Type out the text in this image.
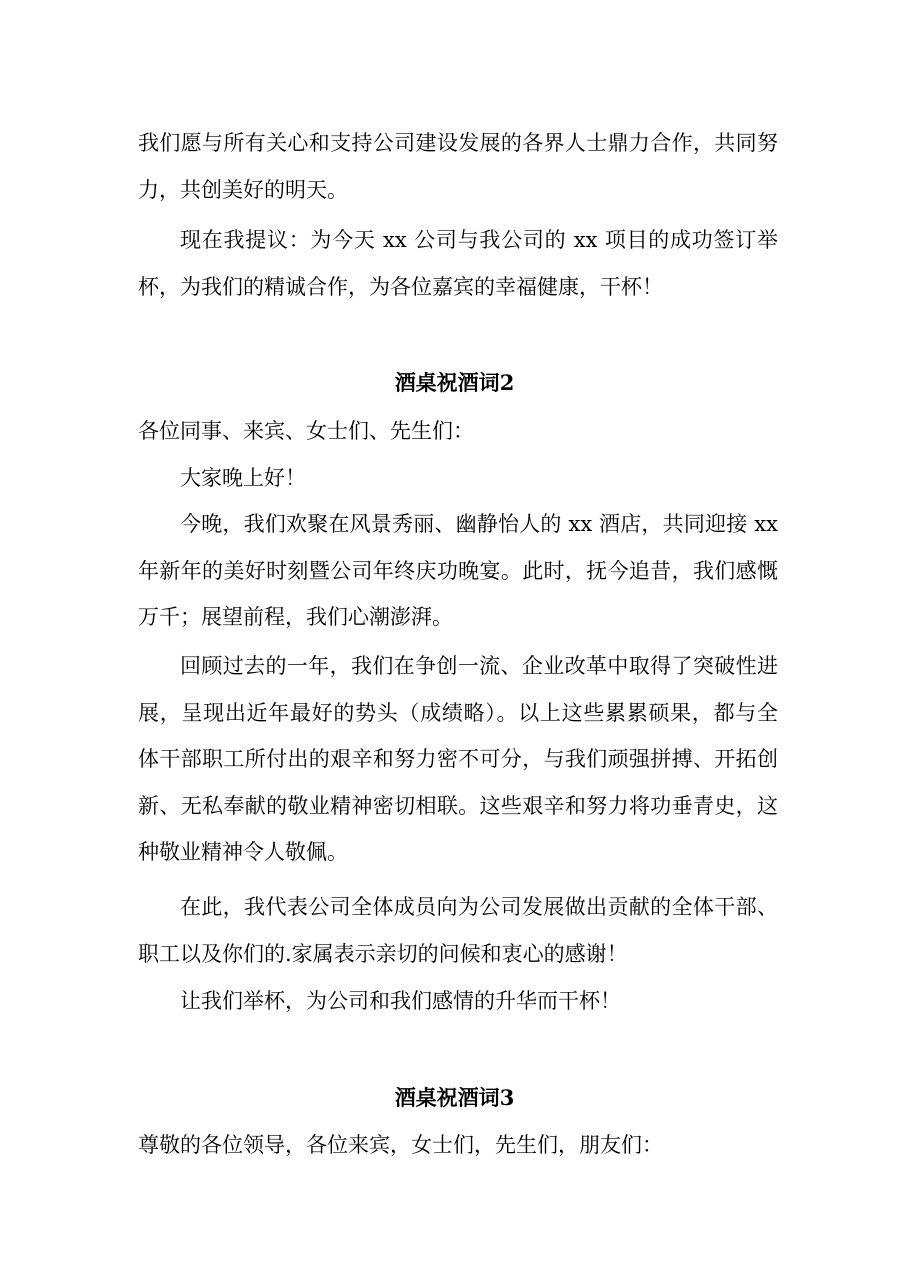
我们愿与所有关心和支持公司建设发展的各界人士鼎力合作，共同努力，共创美好的明天。

现在我提议：为今天 xx 公司与我公司的 xx 项目的成功签订举杯，为我们的精诚合作，为各位嘉宾的幸福健康，干杯！

酒桌祝酒词2

各位同事、来宾、女士们、先生们：

大家晚上好！

今晚，我们欢聚在风景秀丽、幽静怡人的 xx 酒店，共同迎接 xx 年新年的美好时刻暨公司年终庆功晚宴。此时，抚今追昔，我们感慨万千；展望前程，我们心潮澎湃。

回顾过去的一年，我们在争创一流、企业改革中取得了突破性进展，呈现出近年最好的势头（成绩略）。以上这些累累硕果，都与全体干部职工所付出的艰辛和努力密不可分，与我们顽强拼搏、开拓创新、无私奉献的敬业精神密切相联。这些艰辛和努力将功垂青史，这种敬业精神令人敬佩。

在此，我代表公司全体成员向为公司发展做出贡献的全体干部、职工以及你们的.家属表示亲切的问候和衷心的感谢！

让我们举杯，为公司和我们感情的升华而干杯！

酒桌祝酒词3

尊敬的各位领导，各位来宾，女士们，先生们，朋友们：
